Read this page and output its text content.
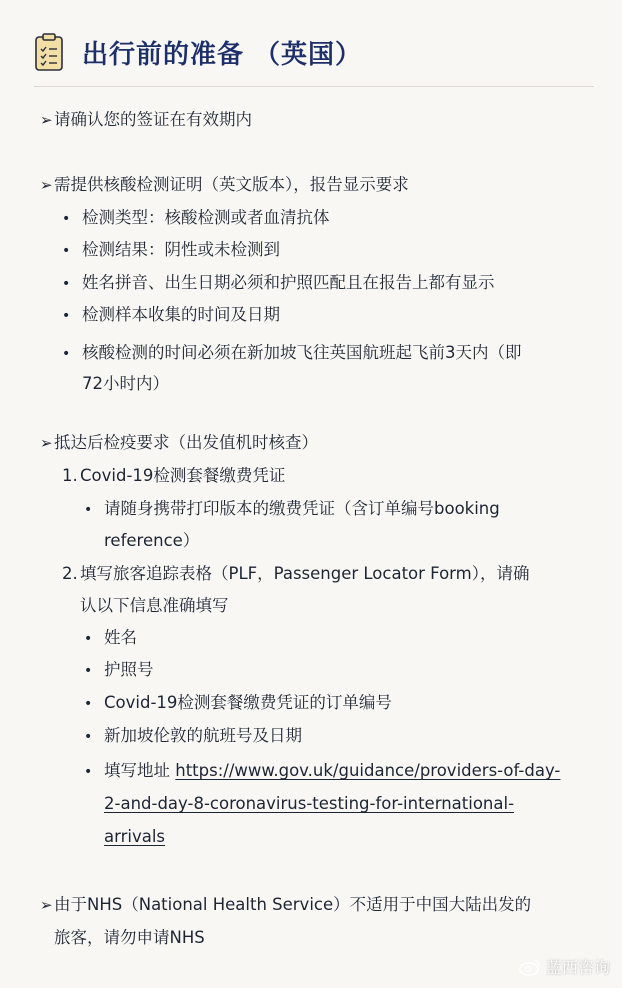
出行前的准备 （英国）
➢请确认您的签证在有效期内
➢需提供核酸检测证明（英文版本），报告显示要求
• 检测类型：核酸检测或者血清抗体
• 检测结果：阴性或未检测到
• 姓名拼音、出生日期必须和护照匹配且在报告上都有显示
• 检测样本收集的时间及日期
• 核酸检测的时间必须在新加坡飞往英国航班起飞前3天内（即
72小时内）
➢抵达后检疫要求（出发值机时核查）
1. Covid-19检测套餐缴费凭证
• 请随身携带打印版本的缴费凭证（含订单编号booking
reference）
2. 填写旅客追踪表格（PLF，Passenger Locator Form），请确
认以下信息准确填写
• 姓名
• 护照号
• Covid-19检测套餐缴费凭证的订单编号
• 新加坡伦敦的航班号及日期
• 填写地址 https://www.gov.uk/guidance/providers-of-day-
2-and-day-8-coronavirus-testing-for-international-
arrivals
➢由于NHS（National Health Service）不适用于中国大陆出发的
旅客，请勿申请NHS
蓝西咨询
